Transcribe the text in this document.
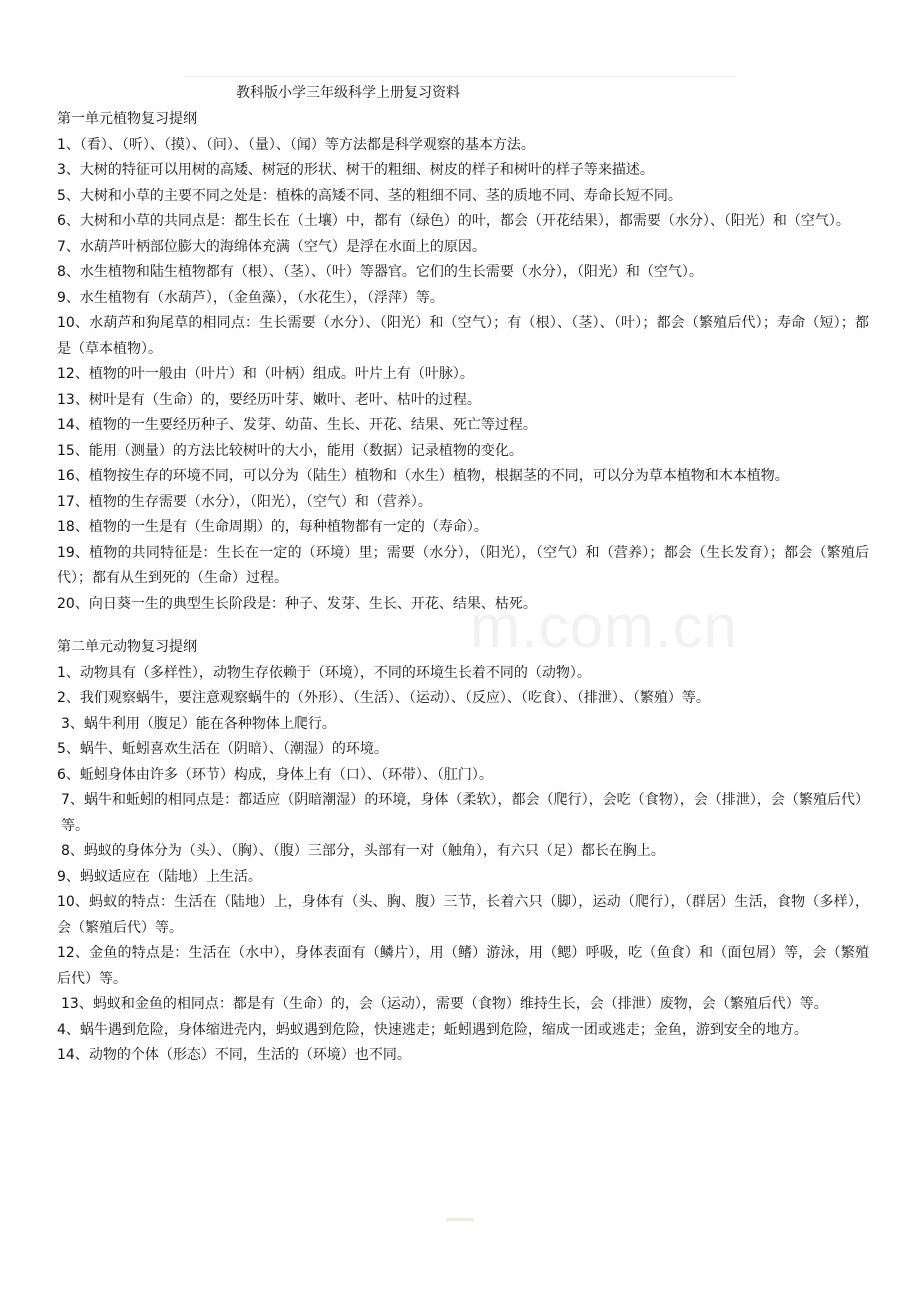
m.com.cn
教科版小学三年级科学上册复习资料

第一单元植物复习提纲

1、（看）、（听）、（摸）、（问）、（量）、（闻）等方法都是科学观察的基本方法。

3、大树的特征可以用树的高矮、树冠的形状、树干的粗细、树皮的样子和树叶的样子等来描述。

5、大树和小草的主要不同之处是：植株的高矮不同、茎的粗细不同、茎的质地不同、寿命长短不同。

6、大树和小草的共同点是：都生长在（土壤）中，都有（绿色）的叶，都会（开花结果），都需要（水分）、（阳光）和（空气）。

7、水葫芦叶柄部位膨大的海绵体充满（空气）是浮在水面上的原因。

8、水生植物和陆生植物都有（根）、（茎）、（叶）等器官。它们的生长需要（水分），（阳光）和（空气）。

9、水生植物有（水葫芦），（金鱼藻），（水花生），（浮萍）等。

10、水葫芦和狗尾草的相同点：生长需要（水分）、（阳光）和（空气）；有（根）、（茎）、（叶）；都会（繁殖后代）；寿命（短）；都是（草本植物）。

12、植物的叶一般由（叶片）和（叶柄）组成。叶片上有（叶脉）。

13、树叶是有（生命）的，要经历叶芽、嫩叶、老叶、枯叶的过程。

14、植物的一生要经历种子、发芽、幼苗、生长、开花、结果、死亡等过程。

15、能用（测量）的方法比较树叶的大小，能用（数据）记录植物的变化。

16、植物按生存的环境不同，可以分为（陆生）植物和（水生）植物，根据茎的不同，可以分为草本植物和木本植物。

17、植物的生存需要（水分），（阳光），（空气）和（营养）。

18、植物的一生是有（生命周期）的，每种植物都有一定的（寿命）。

19、植物的共同特征是：生长在一定的（环境）里；需要（水分），（阳光），（空气）和（营养）；都会（生长发育）；都会（繁殖后代）；都有从生到死的（生命）过程。

20、向日葵一生的典型生长阶段是：种子、发芽、生长、开花、结果、枯死。

第二单元动物复习提纲

1、动物具有（多样性），动物生存依赖于（环境），不同的环境生长着不同的（动物）。

2、我们观察蜗牛，要注意观察蜗牛的（外形）、（生活）、（运动）、（反应）、（吃食）、（排泄）、（繁殖）等。

3、蜗牛利用（腹足）能在各种物体上爬行。

5、蜗牛、蚯蚓喜欢生活在（阴暗）、（潮湿）的环境。

6、蚯蚓身体由许多（环节）构成，身体上有（口）、（环带）、（肛门）。

7、蜗牛和蚯蚓的相同点是：都适应（阴暗潮湿）的环境，身体（柔软），都会（爬行），会吃（食物），会（排泄），会（繁殖后代）等。

8、蚂蚁的身体分为（头）、（胸）、（腹）三部分，头部有一对（触角），有六只（足）都长在胸上。

9、蚂蚁适应在（陆地）上生活。

10、蚂蚁的特点：生活在（陆地）上，身体有（头、胸、腹）三节，长着六只（脚），运动（爬行），（群居）生活，食物（多样），会（繁殖后代）等。

12、金鱼的特点是：生活在（水中），身体表面有（鳞片），用（鳍）游泳，用（鳃）呼吸，吃（鱼食）和（面包屑）等，会（繁殖后代）等。

13、蚂蚁和金鱼的相同点：都是有（生命）的，会（运动），需要（食物）维持生长，会（排泄）废物，会（繁殖后代）等。

4、蜗牛遇到危险，身体缩进壳内，蚂蚁遇到危险，快速逃走；蚯蚓遇到危险，缩成一团或逃走；金鱼，游到安全的地方。

14、动物的个体（形态）不同，生活的（环境）也不同。
